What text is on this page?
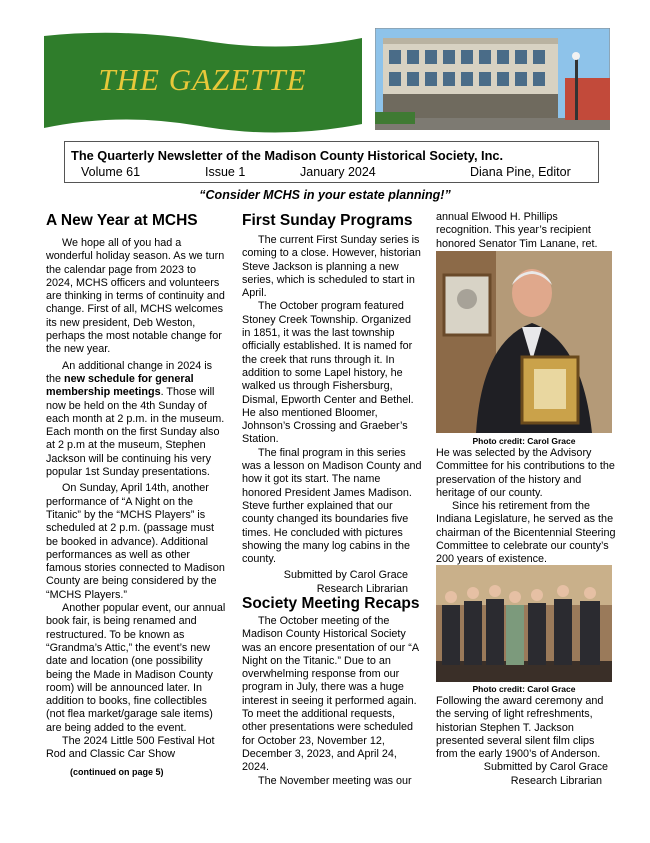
THE GAZETTE
The Quarterly Newsletter of the Madison County Historical Society, Inc.
Volume 61	Issue 1	January 2024	Diana Pine, Editor
“Consider MCHS in your estate planning!”
A New Year at MCHS

We hope all of you had a wonderful holiday season. As we turn the calendar page from 2023 to 2024, MCHS officers and volunteers are thinking in terms of continuity and change. First of all, MCHS welcomes its new president, Deb Weston, perhaps the most notable change for the new year.

An additional change in 2024 is the new schedule for general membership meetings. Those will now be held on the 4th Sunday of each month at 2 p.m. in the museum. Each month on the first Sunday also at 2 p.m at the museum, Stephen Jackson will be continuing his very popular 1st Sunday presentations.

On Sunday, April 14th, another performance of “A Night on the Titanic” by the “MCHS Players” is scheduled at 2 p.m. (passage must be booked in advance). Additional performances as well as other famous stories connected to Madison County are being considered by the “MCHS Players.”

Another popular event, our annual book fair, is being renamed and restructured. To be known as “Grandma’s Attic,” the event’s new date and location (one possibility being the Made in Madison County room) will be announced later. In addition to books, fine collectibles (not flea market/garage sale items) are being added to the event.

The 2024 Little 500 Festival Hot Rod and Classic Car Show

(continued on page 5)

First Sunday Programs

The current First Sunday series is coming to a close. However, historian Steve Jackson is planning a new series, which is scheduled to start in April.

The October program featured Stoney Creek Township. Organized in 1851, it was the last township officially established. It is named for the creek that runs through it. In addition to some Lapel history, he walked us through Fishersburg, Dismal, Epworth Center and Bethel. He also mentioned Bloomer, Johnson’s Crossing and Graeber’s Station.

The final program in this series was a lesson on Madison County and how it got its start. The name honored President James Madison. Steve further explained that our county changed its boundaries five times. He concluded with pictures showing the many log cabins in the county.

Submitted by Carol Grace

Research Librarian

Society Meeting Recaps

The October meeting of the Madison County Historical Society was an encore presentation of our “A Night on the Titanic.” Due to an overwhelming response from our program in July, there was a huge interest in seeing it performed again. To meet the additional requests, other presentations were scheduled for October 23, November 12, December 3, 2023, and April 24, 2024.

The November meeting was our

annual Elwood H. Phillips recognition. This year’s recipient honored Senator Tim Lanane, ret.

Photo credit: Carol Grace

He was selected by the Advisory Committee for his contributions to the preservation of the history and heritage of our county.

Since his retirement from the Indiana Legislature, he served as the chairman of the Bicentennial Steering Committee to celebrate our county’s 200 years of existence.

Photo credit: Carol Grace

Following the award ceremony and the serving of light refreshments, historian Stephen T. Jackson presented several silent film clips from the early 1900’s of Anderson.

Submitted by Carol Grace

Research Librarian
